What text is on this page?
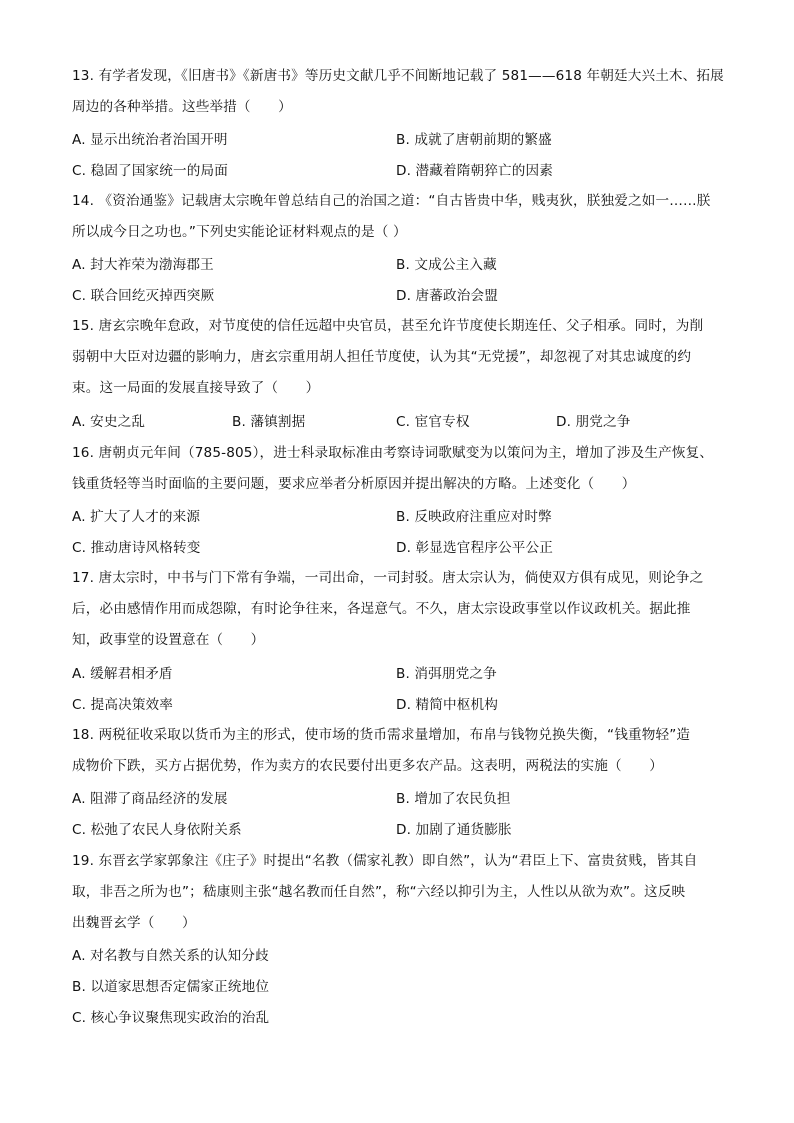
13. 有学者发现，《旧唐书》《新唐书》等历史文献几乎不间断地记载了 581——618 年朝廷大兴土木、拓展
周边的各种举措。这些举措（　　）
A. 显示出统治者治国开明	B. 成就了唐朝前期的繁盛
C. 稳固了国家统一的局面	D. 潜藏着隋朝猝亡的因素
14. 《资治通鉴》记载唐太宗晚年曾总结自己的治国之道：“自古皆贵中华，贱夷狄，朕独爱之如一……朕
所以成今日之功也。”下列史实能论证材料观点的是（ ）
A. 封大祚荣为渤海郡王	B. 文成公主入藏
C. 联合回纥灭掉西突厥	D. 唐蕃政治会盟
15. 唐玄宗晚年怠政，对节度使的信任远超中央官员，甚至允许节度使长期连任、父子相承。同时，为削
弱朝中大臣对边疆的影响力，唐玄宗重用胡人担任节度使，认为其“无党援”，却忽视了对其忠诚度的约
束。这一局面的发展直接导致了（　　）
A. 安史之乱	B. 藩镇割据	C. 宦官专权	D. 朋党之争
16. 唐朝贞元年间（785-805），进士科录取标准由考察诗词歌赋变为以策问为主，增加了涉及生产恢复、
钱重货轻等当时面临的主要问题，要求应举者分析原因并提出解决的方略。上述变化（　　）
A. 扩大了人才的来源	B. 反映政府注重应对时弊
C. 推动唐诗风格转变	D. 彰显选官程序公平公正
17. 唐太宗时，中书与门下常有争端，一司出命，一司封驳。唐太宗认为，倘使双方俱有成见，则论争之
后，必由感情作用而成怨隙，有时论争往来，各逞意气。不久，唐太宗设政事堂以作议政机关。据此推
知，政事堂的设置意在（　　）
A. 缓解君相矛盾	B. 消弭朋党之争
C. 提高决策效率	D. 精简中枢机构
18. 两税征收采取以货币为主的形式，使市场的货币需求量增加，布帛与钱物兑换失衡，“钱重物轻”造
成物价下跌，买方占据优势，作为卖方的农民要付出更多农产品。这表明，两税法的实施（　　）
A. 阻滞了商品经济的发展	B. 增加了农民负担
C. 松弛了农民人身依附关系	D. 加剧了通货膨胀
19. 东晋玄学家郭象注《庄子》时提出“名教（儒家礼教）即自然”，认为“君臣上下、富贵贫贱，皆其自
取，非吾之所为也”；嵇康则主张“越名教而任自然”，称“六经以抑引为主，人性以从欲为欢”。这反映
出魏晋玄学（　　）
A. 对名教与自然关系的认知分歧
B. 以道家思想否定儒家正统地位
C. 核心争议聚焦现实政治的治乱
